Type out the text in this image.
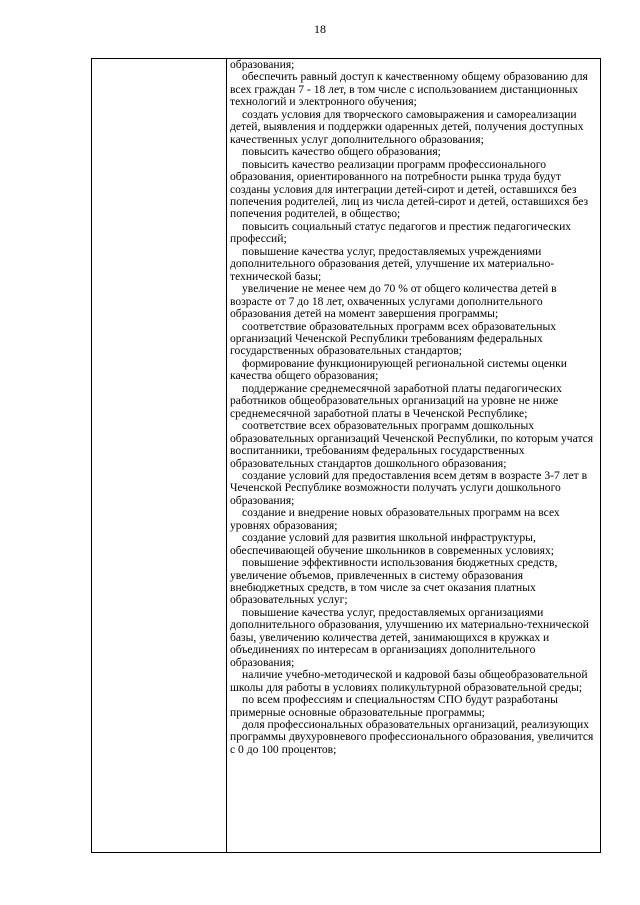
18

образования;

обеспечить равный доступ к качественному общему образованию для всех граждан 7 - 18 лет, в том числе с использованием дистанционных технологий и электронного обучения;

создать условия для творческого самовыражения и самореализации детей, выявления и поддержки одаренных детей, получения доступных качественных услуг дополнительного образования;

повысить качество общего образования;

повысить качество реализации программ профессионального образования, ориентированного на потребности рынка труда будут созданы условия для интеграции детей-сирот и детей, оставшихся без попечения родителей, лиц из числа детей-сирот и детей, оставшихся без попечения родителей, в общество;

повысить социальный статус педагогов и престиж педагогических профессий;

повышение качества услуг, предоставляемых учреждениями дополнительного образования детей, улучшение их материально-технической базы;

увеличение не менее чем до 70 % от общего количества детей в возрасте от 7 до 18 лет, охваченных услугами дополнительного образования детей на момент завершения программы;

соответствие образовательных программ всех образовательных организаций Чеченской Республики требованиям федеральных государственных образовательных стандартов;

формирование функционирующей региональной системы оценки качества общего образования;

поддержание среднемесячной заработной платы педагогических работников общеобразовательных организаций на уровне не ниже среднемесячной заработной платы в Чеченской Республике;

соответствие всех образовательных программ дошкольных образовательных организаций Чеченской Республики, по которым учатся воспитанники, требованиям федеральных государственных образовательных стандартов дошкольного образования;

создание условий для предоставления всем детям в возрасте 3-7 лет в Чеченской Республике возможности получать услуги дошкольного образования;

создание и внедрение новых образовательных программ на всех уровнях образования;

создание условий для развития школьной инфраструктуры, обеспечивающей обучение школьников в современных условиях;

повышение эффективности использования бюджетных средств, увеличение объемов, привлеченных в систему образования внебюджетных средств, в том числе за счет оказания платных образовательных услуг;

повышение качества услуг, предоставляемых организациями дополнительного образования, улучшению их материально-технической базы, увеличению количества детей, занимающихся в кружках и объединениях по интересам в организациях дополнительного образования;

наличие учебно-методической и кадровой базы общеобразовательной школы для работы в условиях поликультурной образовательной среды;

по всем профессиям и специальностям СПО будут разработаны примерные основные образовательные программы;

доля профессиональных образовательных организаций, реализующих программы двухуровневого профессионального образования, увеличится с 0 до 100 процентов;
